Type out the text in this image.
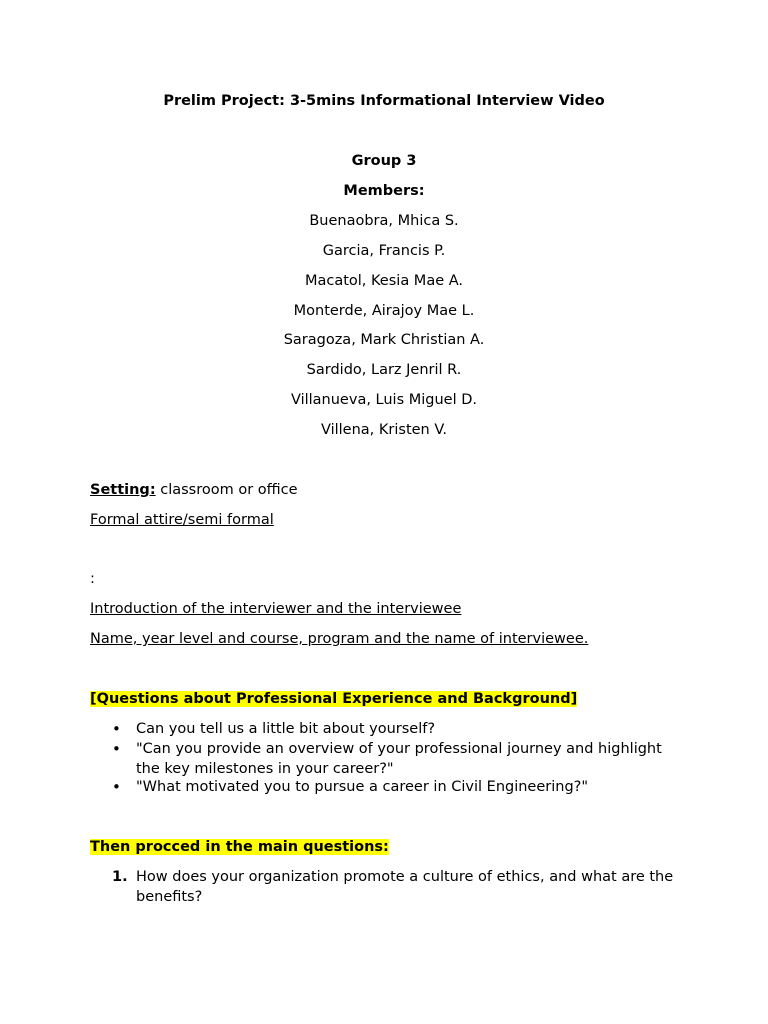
Prelim Project: 3-5mins Informational Interview Video
Group 3
Members:
Buenaobra, Mhica S.
Garcia, Francis P.
Macatol, Kesia Mae A.
Monterde, Airajoy Mae L.
Saragoza, Mark Christian A.
Sardido, Larz Jenril R.
Villanueva, Luis Miguel D.
Villena, Kristen V.
Setting: classroom or office
Formal attire/semi formal
:
Introduction of the interviewer and the interviewee
Name, year level and course, program and the name of interviewee.
[Questions about Professional Experience and Background]
• Can you tell us a little bit about yourself?
• "Can you provide an overview of your professional journey and highlight the key milestones in your career?"
• "What motivated you to pursue a career in Civil Engineering?"
Then procced in the main questions:
1. How does your organization promote a culture of ethics, and what are the benefits?
